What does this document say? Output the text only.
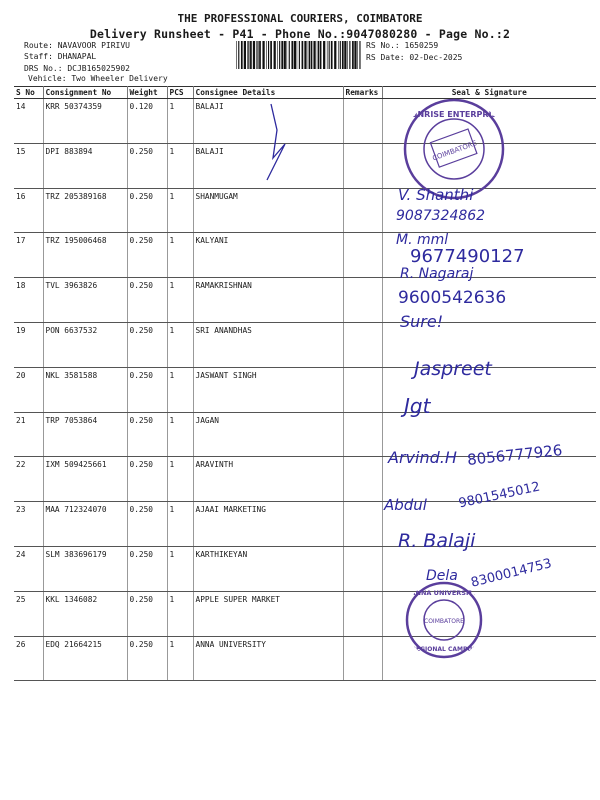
THE PROFESSIONAL COURIERS, COIMBATORE
Delivery Runsheet - P41 - Phone No.:9047080280 - Page No.:2
Route: NAVAVOOR PIRIVU
Staff: DHANAPAL
DRS No.: DCJB165025902
Vehicle: Two Wheeler Delivery
RS No.: 1650259
RS Date: 02-Dec-2025
S No	Consignment No	Weight	PCS	Consignee Details	Remarks	Seal & Signature
14	KRR 50374359	0.120	1	BALAJI		
15	DPI 883894	0.250	1	BALAJI		
16	TRZ 205389168	0.250	1	SHANMUGAM		
17	TRZ 195006468	0.250	1	KALYANI		
18	TVL 3963826	0.250	1	RAMAKRISHNAN		
19	PON 6637532	0.250	1	SRI ANANDHAS		
20	NKL 3581588	0.250	1	JASWANT SINGH		
21	TRP 7053864	0.250	1	JAGAN		
22	IXM 509425661	0.250	1	ARAVINTH		
23	MAA 712324070	0.250	1	AJAAI MARKETING		
24	SLM 383696179	0.250	1	KARTHIKEYAN		
25	KKL 1346082	0.250	1	APPLE SUPER MARKET		
26	EDQ 21664215	0.250	1	ANNA UNIVERSITY		
SUNRISE ENTERPRISE
COIMBATORE
V. Shanthi
9087324862
M. mml
9677490127
R. Nagaraj
9600542636
Sure!
Jaspreet
Jgt
Arvind.H 8056777926
Abdul 9801545012
R. Balaji
Dela 8300014753
ANNA UNIVERSITY
COIMBATORE
REGIONAL CAMPUS
